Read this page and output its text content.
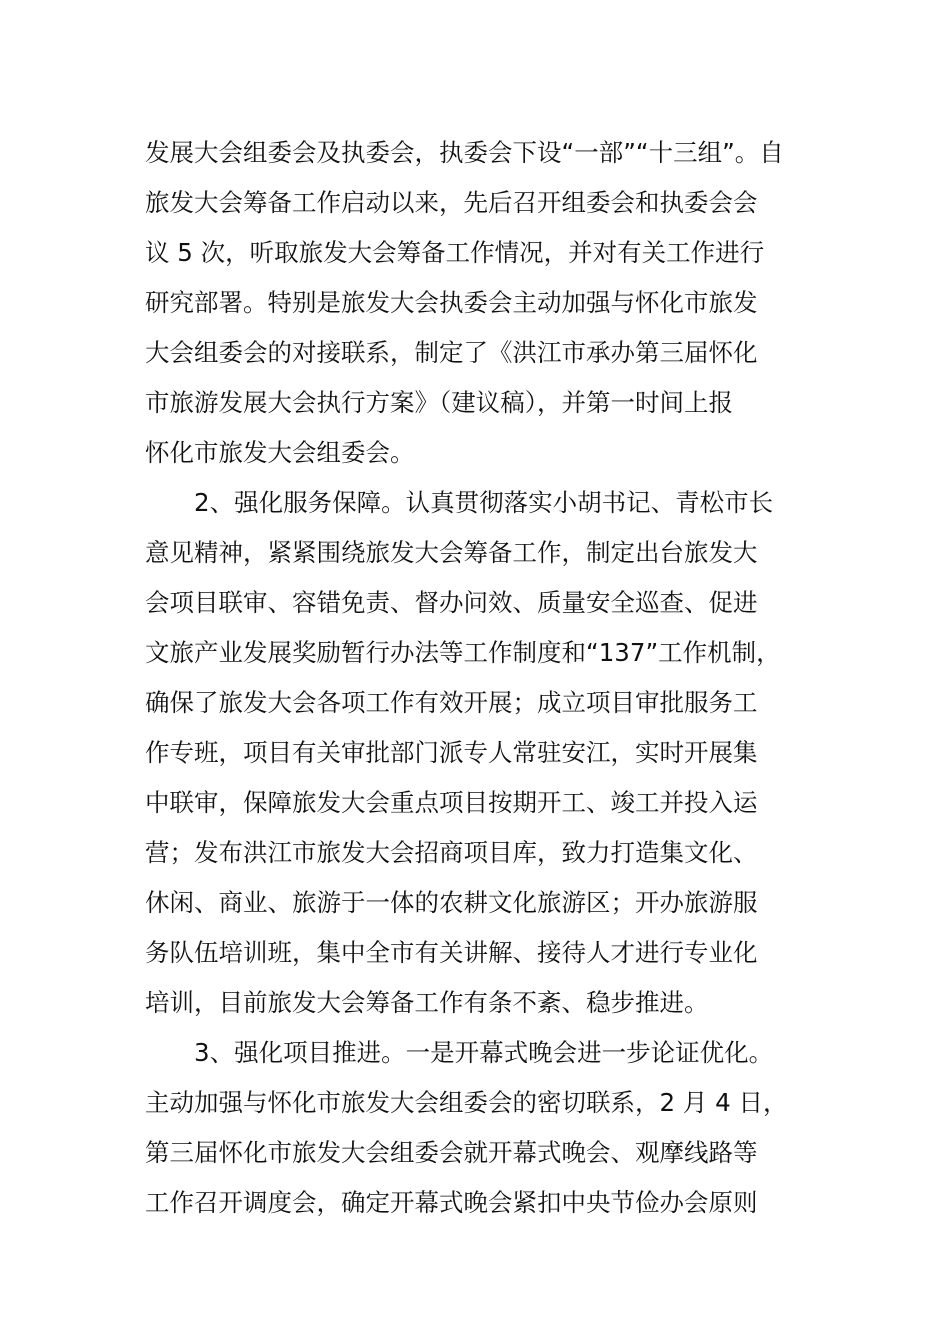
发展大会组委会及执委会，执委会下设“一部”“十三组”。自
旅发大会筹备工作启动以来，先后召开组委会和执委会会
议 5 次，听取旅发大会筹备工作情况，并对有关工作进行
研究部署。特别是旅发大会执委会主动加强与怀化市旅发
大会组委会的对接联系，制定了《洪江市承办第三届怀化
市旅游发展大会执行方案》（建议稿），并第一时间上报
怀化市旅发大会组委会。
2、强化服务保障。认真贯彻落实小胡书记、青松市长
意见精神，紧紧围绕旅发大会筹备工作，制定出台旅发大
会项目联审、容错免责、督办问效、质量安全巡查、促进
文旅产业发展奖励暂行办法等工作制度和“137”工作机制，
确保了旅发大会各项工作有效开展；成立项目审批服务工
作专班，项目有关审批部门派专人常驻安江，实时开展集
中联审，保障旅发大会重点项目按期开工、竣工并投入运
营；发布洪江市旅发大会招商项目库，致力打造集文化、
休闲、商业、旅游于一体的农耕文化旅游区；开办旅游服
务队伍培训班，集中全市有关讲解、接待人才进行专业化
培训，目前旅发大会筹备工作有条不紊、稳步推进。
3、强化项目推进。一是开幕式晚会进一步论证优化。
主动加强与怀化市旅发大会组委会的密切联系，2 月 4 日，
第三届怀化市旅发大会组委会就开幕式晚会、观摩线路等
工作召开调度会，确定开幕式晚会紧扣中央节俭办会原则
